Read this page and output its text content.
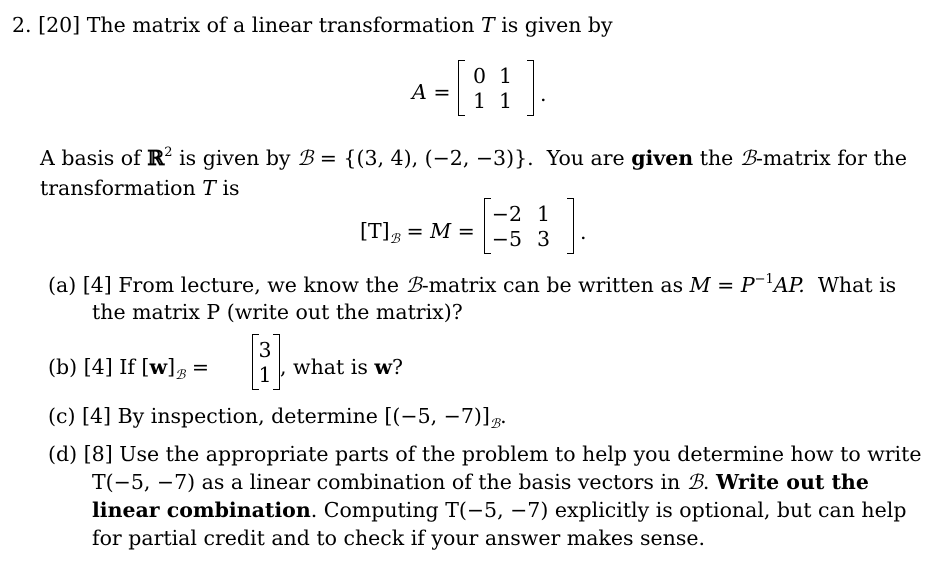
2. [20] The matrix of a linear transformation T is given by
A =
0 1
1 1 .
A basis of ℝ$^2$ is given by ℬ = {(3, 4), (−2, −3)}. You are given the ℬ-matrix for the
transformation T is
$[T]_ℬ = M$ =
−2 1
−5 3 .
(a) [4] From lecture, we know the ℬ-matrix can be written as $M = P^{-1}AP$. What is
the matrix P (write out the matrix)?
(b) [4] If $[w]_ℬ$ =
3
1 , what is w?
(c) [4] By inspection, determine [(−5, $-7)]_ℬ$.
(d) [8] Use the appropriate parts of the problem to help you determine how to write
T(−5, −7) as a linear combination of the basis vectors in ℬ. Write out the
linear combination. Computing T(−5, −7) explicitly is optional, but can help
for partial credit and to check if your answer makes sense.
